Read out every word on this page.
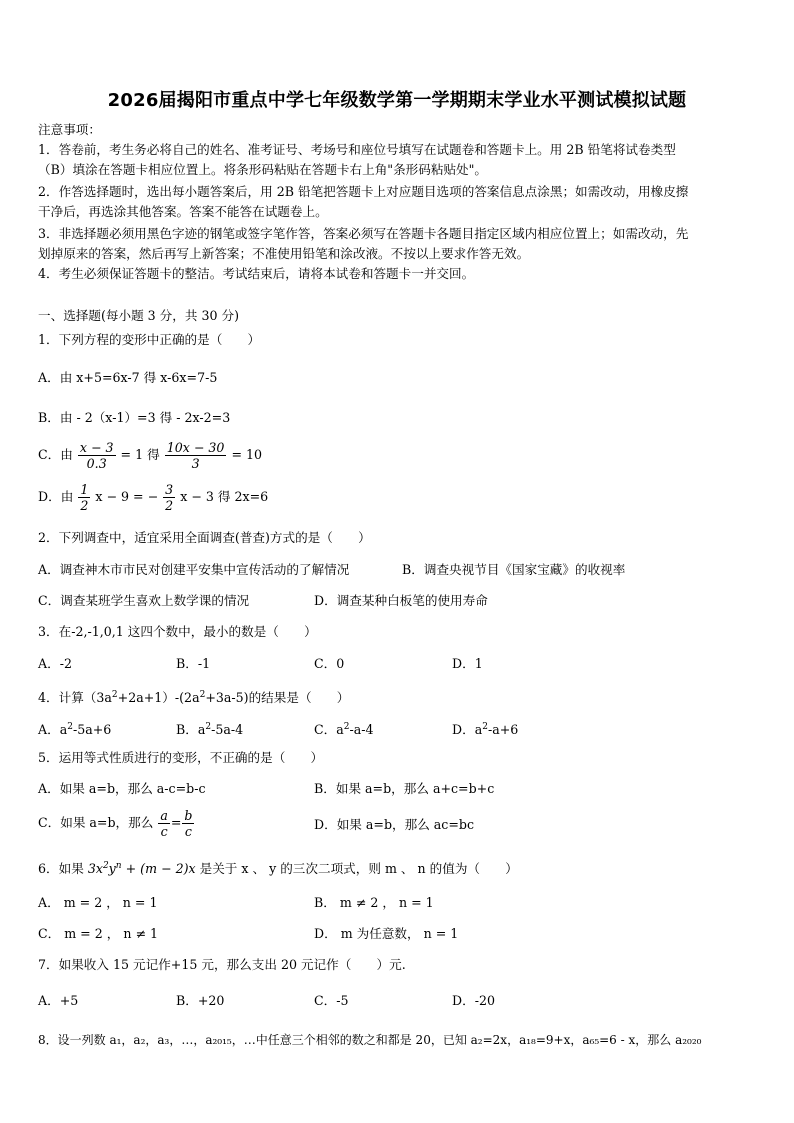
2026届揭阳市重点中学七年级数学第一学期期末学业水平测试模拟试题
注意事项：
1．答卷前，考生务必将自己的姓名、准考证号、考场号和座位号填写在试题卷和答题卡上。用 2B 铅笔将试卷类型
（B）填涂在答题卡相应位置上。将条形码粘贴在答题卡右上角"条形码粘贴处"。
2．作答选择题时，选出每小题答案后，用 2B 铅笔把答题卡上对应题目选项的答案信息点涂黑；如需改动，用橡皮擦
干净后，再选涂其他答案。答案不能答在试题卷上。
3．非选择题必须用黑色字迹的钢笔或签字笔作答，答案必须写在答题卡各题目指定区域内相应位置上；如需改动，先
划掉原来的答案，然后再写上新答案；不准使用铅笔和涂改液。不按以上要求作答无效。
4．考生必须保证答题卡的整洁。考试结束后，请将本试卷和答题卡一并交回。
一、选择题(每小题 3 分，共 30 分)
1．下列方程的变形中正确的是（　　）
A．由 x+5=6x-7 得 x-6x=7-5
B．由 - 2（x-1）=3 得 - 2x-2=3
C．由 $\frac{x - 3}{0.3} = 1$ 得 $\frac{10x - 30}{3} = 10$
D．由 $\frac{1}{2}$ x − 9 = − $\frac{3}{2}$ x − 3 得 2x=6
2．下列调查中，适宜采用全面调查(普查)方式的是（　　）
A．调查神木市市民对创建平安集中宣传活动的了解情况	B．调查央视节目《国家宝藏》的收视率
C．调查某班学生喜欢上数学课的情况	D．调查某种白板笔的使用寿命
3．在-2,-1,0,1 这四个数中，最小的数是（　　）
A．-2	B．-1	C．0	D．1
4．计算$(3a^2+2a+1)-(2a^2+3a-5)$的结果是（　　）
A．$a^2-5a+6$	B．$a^2-5a-4$	C．$a^2-a-4$	D．$a^2-a+6$
5．运用等式性质进行的变形，不正确的是（　　）
A．如果 a=b，那么 a-c=b-c	B．如果 a=b，那么 a+c=b+c
C．如果 a=b，那么 $\frac{a}{c} = \frac{b}{c}$	D．如果 a=b，那么 ac=bc
6．如果 $3x^2y^n + (m - 2)x$ 是关于 x 、 y 的三次二项式，则 m 、 n 的值为（　　）
A． m = 2 ， n = 1	B． m ≠ 2 ， n = 1
C． m = 2 ， n ≠ 1	D． m 为任意数， n = 1
7．如果收入 15 元记作+15 元，那么支出 20 元记作（　　）元.
A．+5	B．+20	C．-5	D．-20
8．设一列数 a₁，a₂，a₃，…，a₂₀₁₅，…中任意三个相邻的数之和都是 20，已知 a₂=2x，a₁₈=9+x，a₆₅=6 - x，那么 a₂₀₂₀
